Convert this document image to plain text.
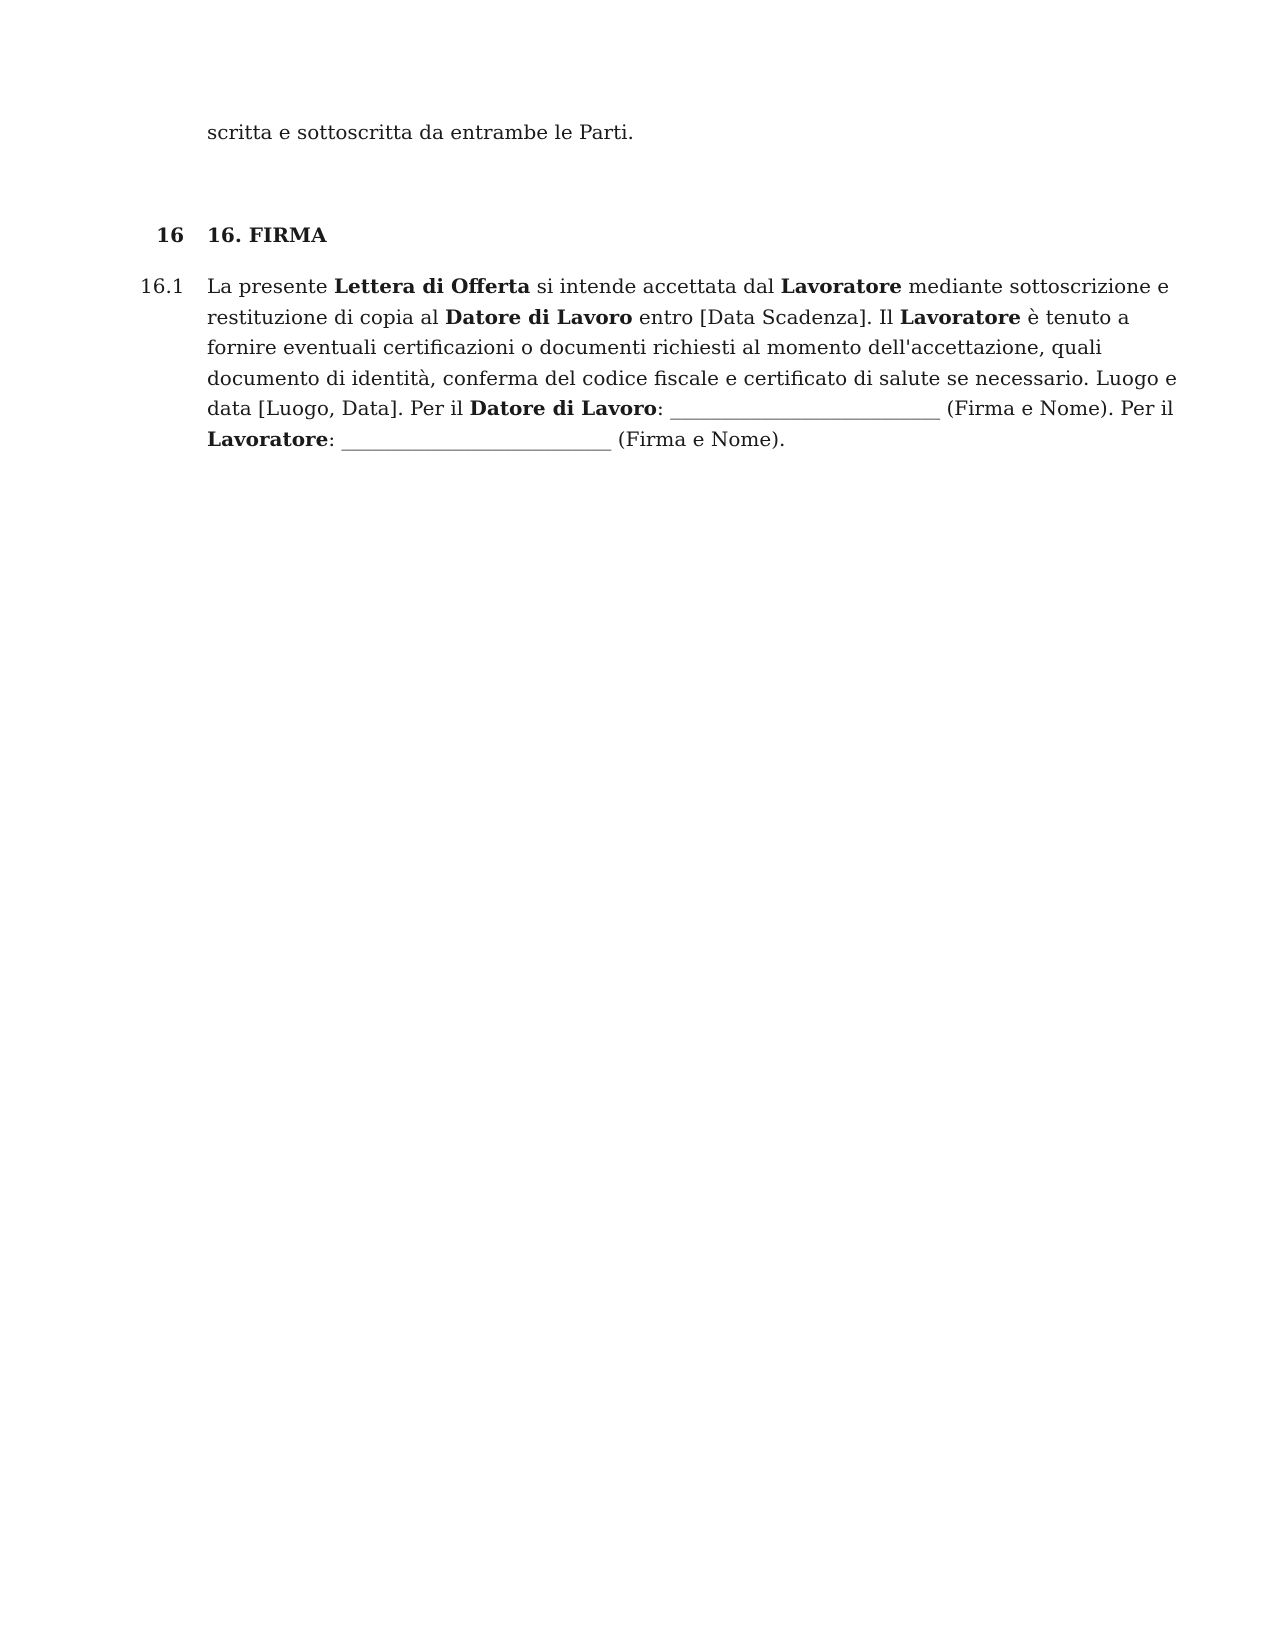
scritta e sottoscritta da entrambe le Parti.
16 16. FIRMA
16.1 La presente Lettera di Offerta si intende accettata dal Lavoratore mediante sottoscrizione e
restituzione di copia al Datore di Lavoro entro [Data Scadenza]. Il Lavoratore è tenuto a
fornire eventuali certificazioni o documenti richiesti al momento dell'accettazione, quali
documento di identità, conferma del codice fiscale e certificato di salute se necessario. Luogo e
data [Luogo, Data]. Per il Datore di Lavoro: ___________________________ (Firma e Nome). Per il
Lavoratore: ___________________________ (Firma e Nome).
